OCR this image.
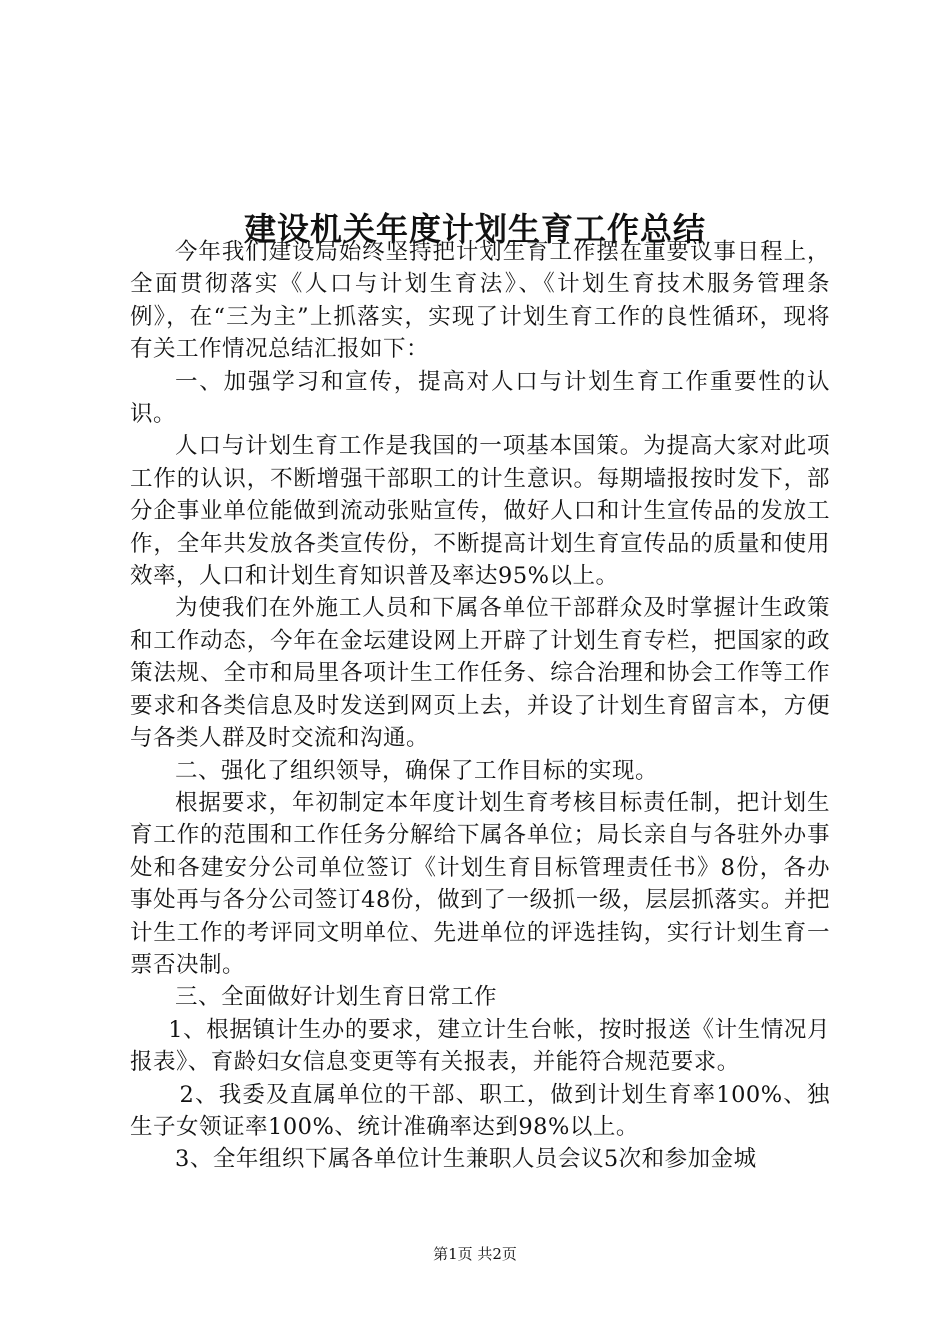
建设机关年度计划生育工作总结

今年我们建设局始终坚持把计划生育工作摆在重要议事日程上，全面贯彻落实《人口与计划生育法》、《计划生育技术服务管理条例》，在“三为主”上抓落实，实现了计划生育工作的良性循环，现将有关工作情况总结汇报如下：

一、加强学习和宣传，提高对人口与计划生育工作重要性的认识。

人口与计划生育工作是我国的一项基本国策。为提高大家对此项工作的认识，不断增强干部职工的计生意识。每期墙报按时发下，部分企事业单位能做到流动张贴宣传，做好人口和计生宣传品的发放工作，全年共发放各类宣传份，不断提高计划生育宣传品的质量和使用效率，人口和计划生育知识普及率达95%以上。

为使我们在外施工人员和下属各单位干部群众及时掌握计生政策和工作动态，今年在金坛建设网上开辟了计划生育专栏，把国家的政策法规、全市和局里各项计生工作任务、综合治理和协会工作等工作要求和各类信息及时发送到网页上去，并设了计划生育留言本，方便与各类人群及时交流和沟通。

二、强化了组织领导，确保了工作目标的实现。

根据要求，年初制定本年度计划生育考核目标责任制，把计划生育工作的范围和工作任务分解给下属各单位；局长亲自与各驻外办事处和各建安分公司单位签订《计划生育目标管理责任书》8份，各办事处再与各分公司签订48份，做到了一级抓一级，层层抓落实。并把计生工作的考评同文明单位、先进单位的评选挂钩，实行计划生育一票否决制。

三、全面做好计划生育日常工作

1、根据镇计生办的要求，建立计生台帐，按时报送《计生情况月报表》、育龄妇女信息变更等有关报表，并能符合规范要求。

2、我委及直属单位的干部、职工，做到计划生育率100%、独生子女领证率100%、统计准确率达到98%以上。

3、全年组织下属各单位计生兼职人员会议5次和参加金城

第1页 共2页
